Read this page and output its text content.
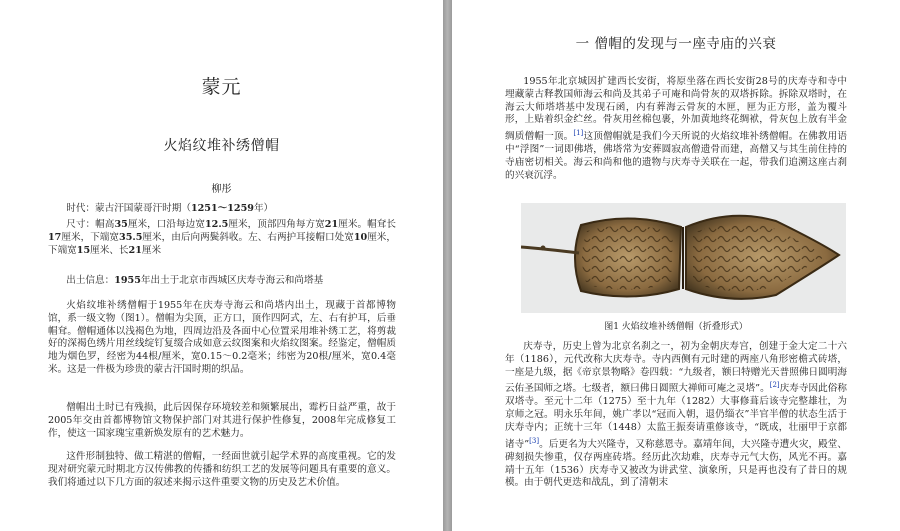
蒙元
火焰纹堆补绣僧帽
柳彤

时代：蒙古汗国蒙哥汗时期（1251～1259年）

尺寸：帽高35厘米，口沿每边宽12.5厘米，顶部四角每方宽21厘米。帽耷长17厘米，下端宽35.5厘米，由后向两鬓斜收。左、右两护耳接帽口处宽10厘米，下端宽15厘米、长21厘米

出土信息：1955年出土于北京市西城区庆寿寺海云和尚塔基

火焰纹堆补绣僧帽于1955年在庆寿寺海云和尚塔内出土，现藏于首都博物馆，系一级文物（图1）。僧帽为尖顶，正方口，顶作四阿式，左、右有护耳，后垂帽耷。僧帽通体以浅褐色为地，四周边沿及各面中心位置采用堆补绣工艺，将剪裁好的深褐色绣片用丝线绽钉复缀合成如意云纹图案和火焰纹图案。经鉴定，僧帽质地为烟色罗，经密为44根/厘米，宽0.15～0.2毫米；纬密为20根/厘米，宽0.4毫米。这是一件极为珍贵的蒙古汗国时期的织品。

僧帽出土时已有残损，此后因保存环境较差和频繁展出，霉朽日益严重，故于2005年交由首都博物馆文物保护部门对其进行保护性修复，2008年完成修复工作，使这一国家瑰宝重新焕发原有的艺术魅力。

这件形制独特、做工精湛的僧帽，一经面世就引起学术界的高度重视。它的发现对研究蒙元时期北方汉传佛教的传播和纺织工艺的发展等问题具有重要的意义。我们将通过以下几方面的叙述来揭示这件重要文物的历史及艺术价值。

一 僧帽的发现与一座寺庙的兴衰

1955年北京城因扩建西长安街，将原坐落在西长安街28号的庆寿寺和寺中埋藏蒙古释教国师海云和尚及其弟子可庵和尚骨灰的双塔拆除。拆除双塔时，在海云大师塔塔基中发现石函，内有葬海云骨灰的木匣，匣为正方形，盖为覆斗形，上贴着织金纻丝。骨灰用丝棉包裹，外加黄地终花绸袱，骨灰包上放有半金绸质僧帽一顶。[1]这顶僧帽就是我们今天所说的火焰纹堆补绣僧帽。在佛教用语中“浮图”一词即佛塔，佛塔常为安葬圆寂高僧遗骨而建，高僧又与其生前住持的寺庙密切相关。海云和尚和他的遗物与庆寿寺关联在一起，带我们追溯这座古刹的兴衰沉浮。

图1 火焰纹堆补绣僧帽（折叠形式）

庆寿寺，历史上曾为北京名刹之一，初为金朝庆寿宫，创建于金大定二十六年（1186），元代改称大庆寿寺。寺内西侧有元时建的两座八角形密檐式砖塔，一座是九级，据《帝京景物略》卷四载：“九级者，额曰特赠光天普照佛日圆明海云佑圣国师之塔。七级者，额曰佛日圆照大禅师可庵之灵塔”。[2]庆寿寺因此俗称双塔寺。至元十二年（1275）至十九年（1282）大事修葺后该寺完整雄壮，为京师之冠。明永乐年间，姚广孝以“冠而入朝，退仍缁衣”半官半僧的状态生活于庆寿寺内；正统十三年（1448）太监王振奏请重修该寺，“既成，壮丽甲于京都诸寺”[3]。后更名为大兴隆寺，又称慈恩寺。嘉靖年间，大兴隆寺遭火灾，殿堂、碑刻损失惨重，仅存两座砖塔。经历此次劫难，庆寿寺元气大伤，风光不再。嘉靖十五年（1536）庆寿寺又被改为讲武堂、演象所，只是再也没有了昔日的规模。由于朝代更迭和战乱，到了清朝末
